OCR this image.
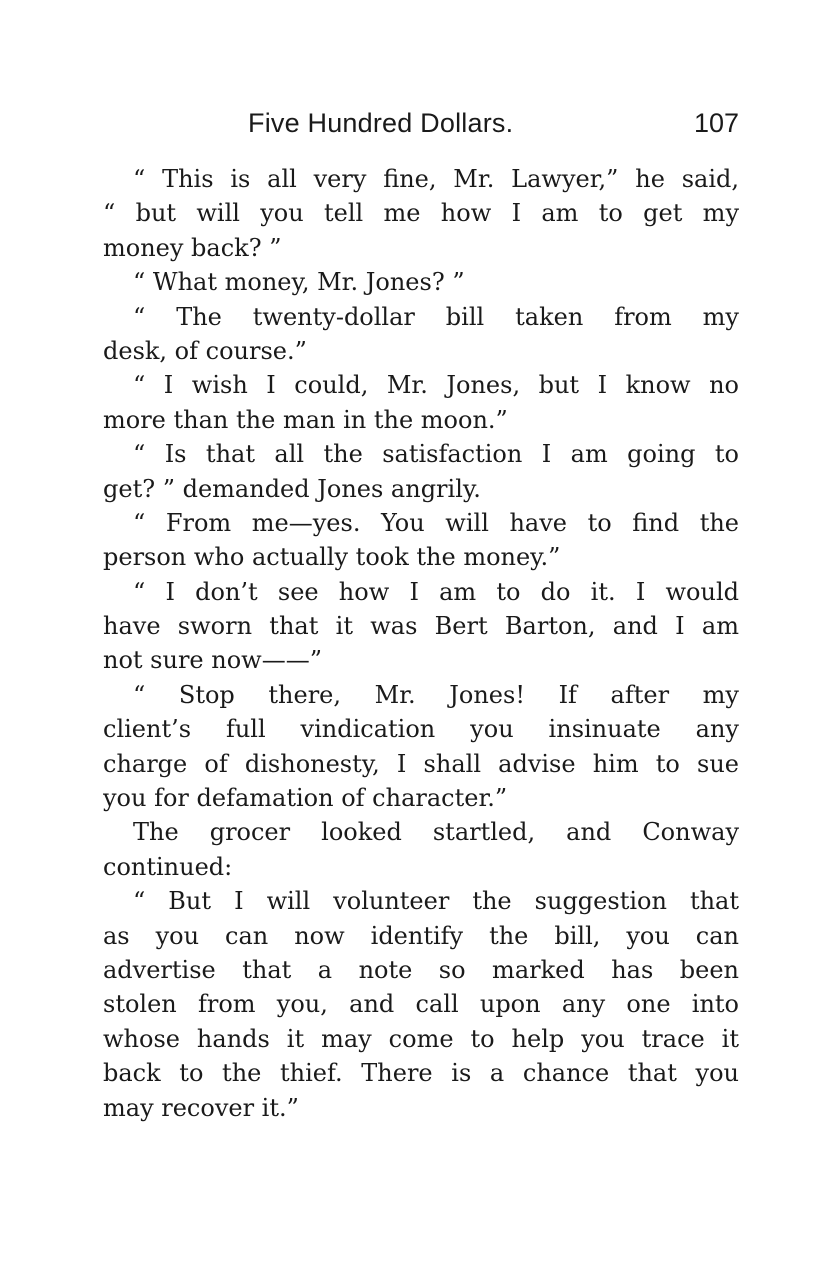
Five Hundred Dollars.	107
“ This is all very fine, Mr. Lawyer,” he said,
“ but will you tell me how I am to get my
money back? ”
“ What money, Mr. Jones? ”
“ The twenty-dollar bill taken from my
desk, of course.”
“ I wish I could, Mr. Jones, but I know no
more than the man in the moon.”
“ Is that all the satisfaction I am going to
get? ” demanded Jones angrily.
“ From me—yes. You will have to find the
person who actually took the money.”
“ I don’t see how I am to do it. I would
have sworn that it was Bert Barton, and I am
not sure now——”
“ Stop there, Mr. Jones! If after my
client’s full vindication you insinuate any
charge of dishonesty, I shall advise him to sue
you for defamation of character.”
The grocer looked startled, and Conway
continued:
“ But I will volunteer the suggestion that
as you can now identify the bill, you can
advertise that a note so marked has been
stolen from you, and call upon any one into
whose hands it may come to help you trace it
back to the thief. There is a chance that you
may recover it.”
